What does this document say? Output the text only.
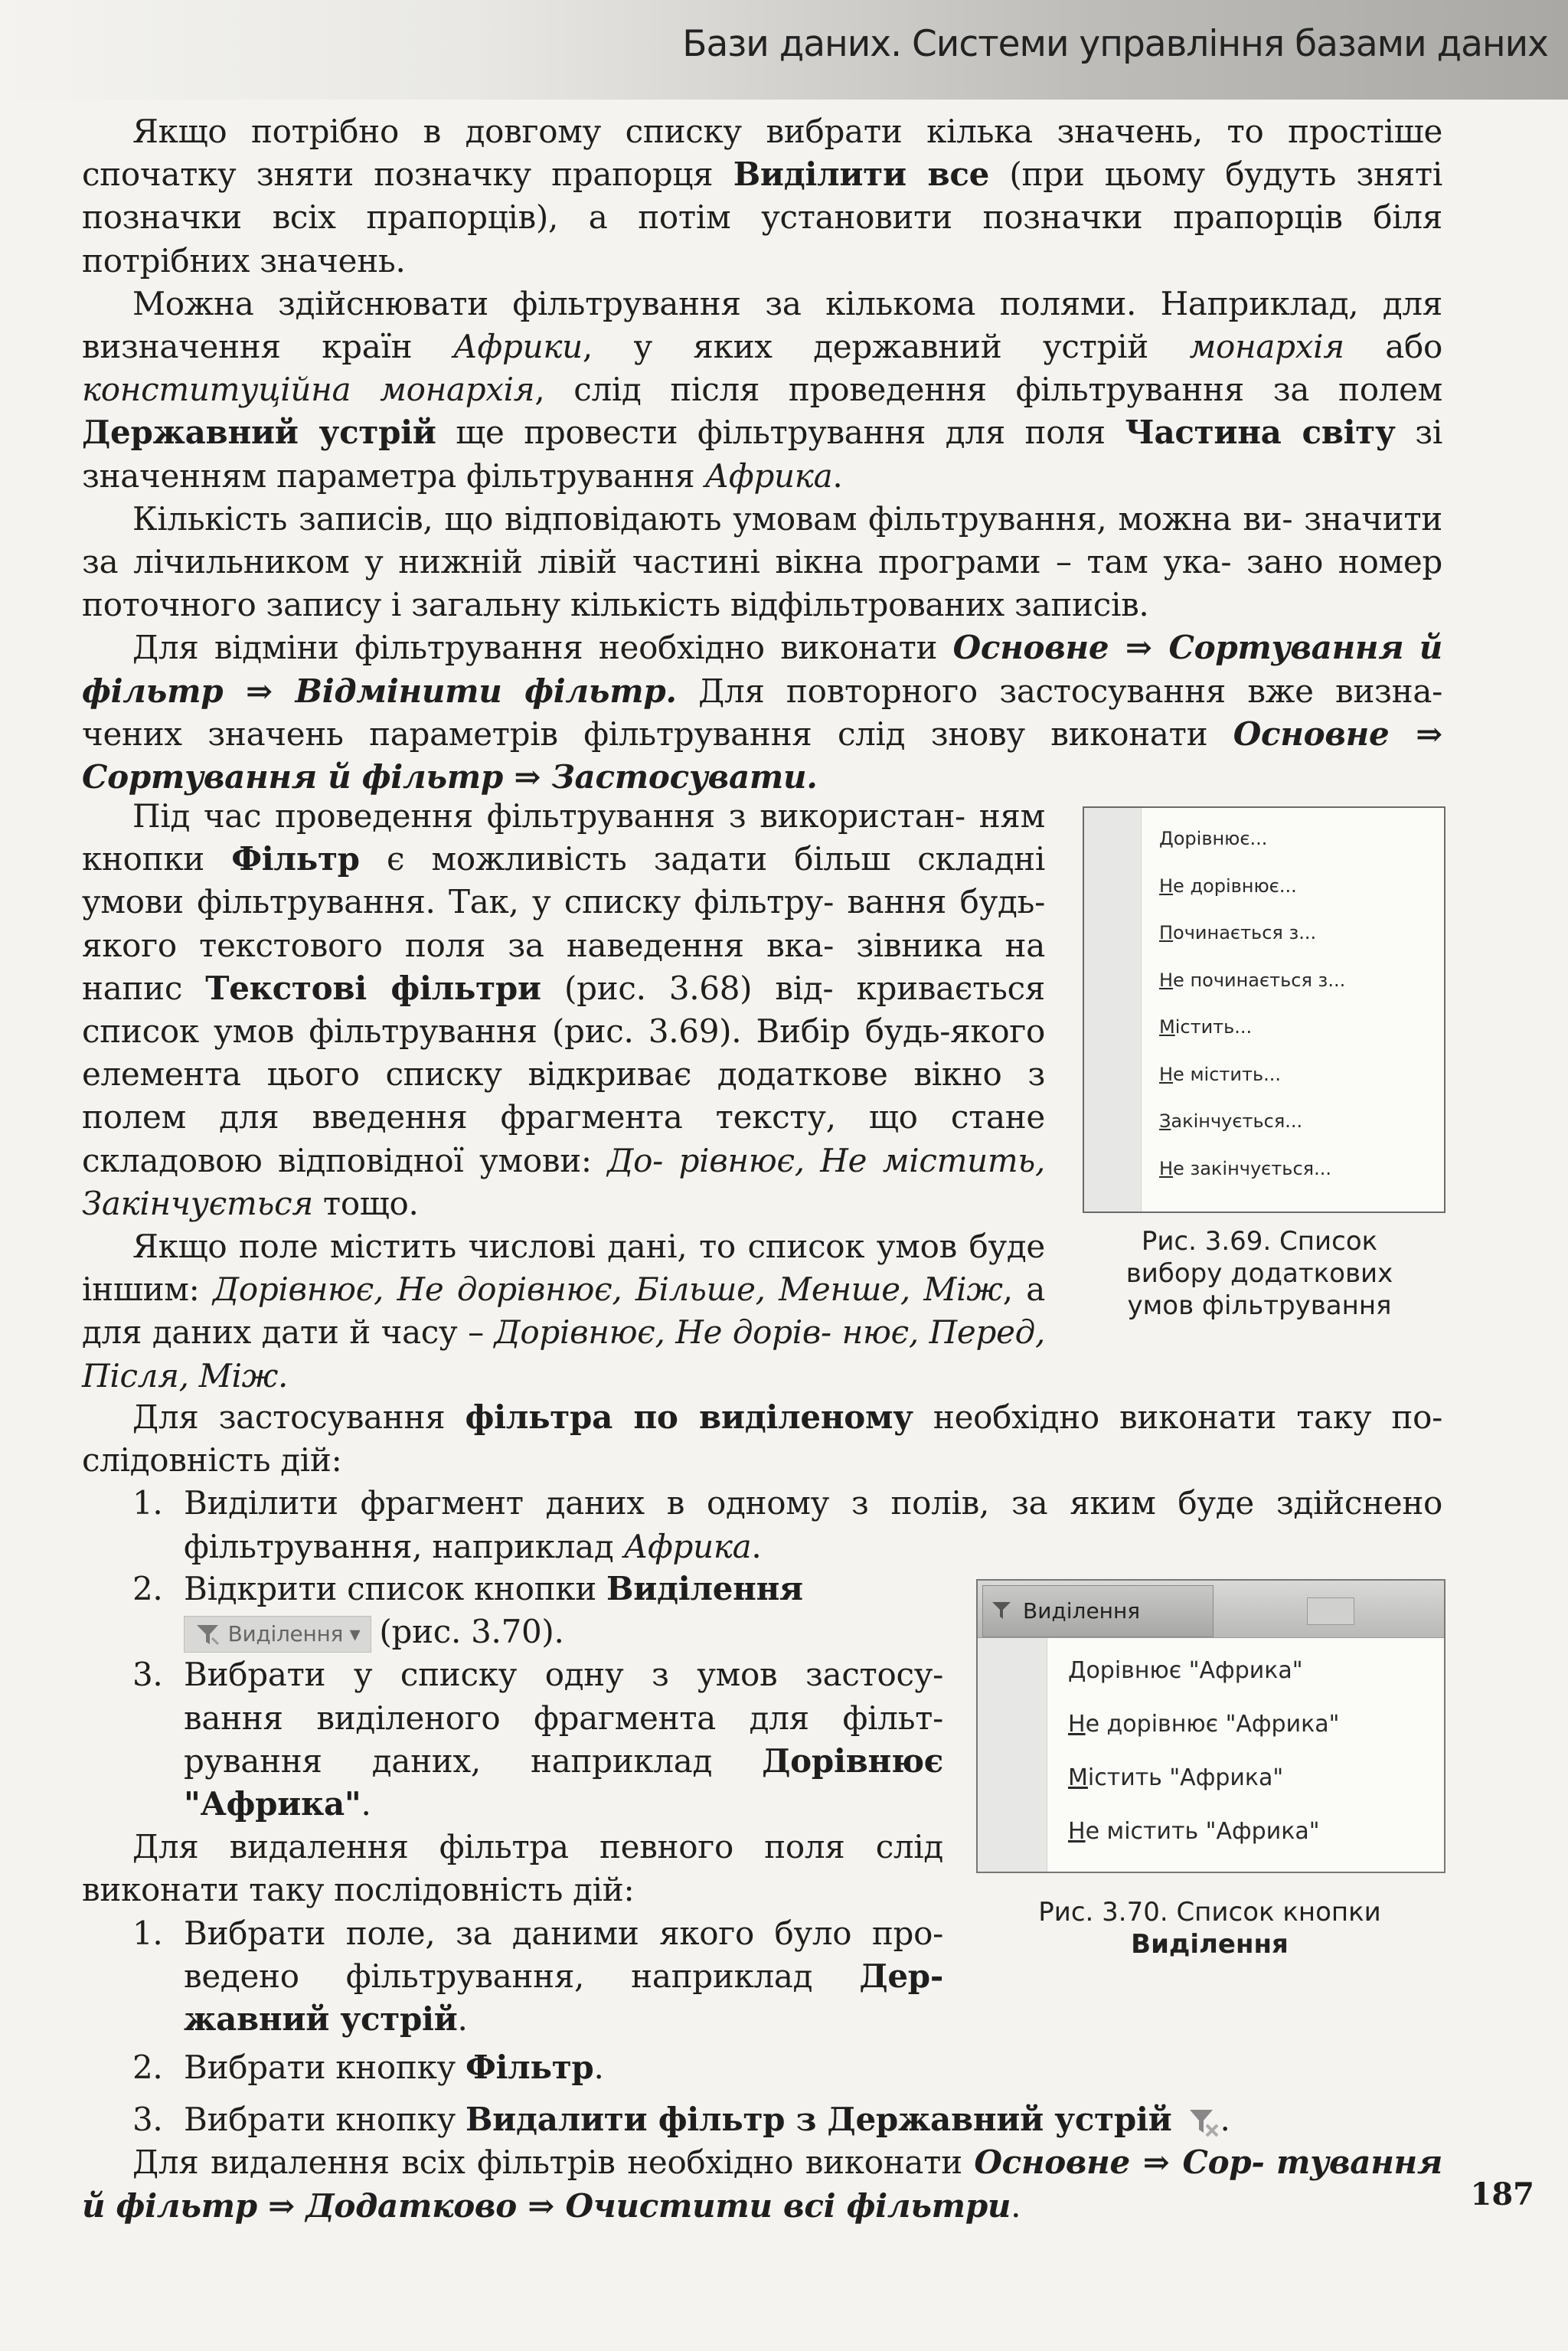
Бази даних. Системи управління базами даних

Якщо потрібно в довгому списку вибрати кілька значень, то простіше спочатку зняти позначку прапорця Виділити все (при цьому будуть зняті позначки всіх прапорців), а потім установити позначки прапорців біля потрібних значень.

Можна здійснювати фільтрування за кількома полями. Наприклад, для визначення країн Африки, у яких державний устрій монархія або конституційна монархія, слід після проведення фільтрування за полем Державний устрій ще провести фільтрування для поля Частина світу зі значенням параметра фільтрування Африка.

Кількість записів, що відповідають умовам фільтрування, можна ви- значити за лічильником у нижній лівій частині вікна програми – там ука- зано номер поточного запису і загальну кількість відфільтрованих записів.

Для відміни фільтрування необхідно виконати Основне ⇒ Сортування й фільтр ⇒ Відмінити фільтр. Для повторного застосування вже визна- чених значень параметрів фільтрування слід знову виконати Основне ⇒ Сортування й фільтр ⇒ Застосувати.

Під час проведення фільтрування з використан- ням кнопки Фільтр є можливість задати більш складні умови фільтрування. Так, у списку фільтру- вання будь-якого текстового поля за наведення вка- зівника на напис Текстові фільтри (рис. 3.68) від- кривається список умов фільтрування (рис. 3.69). Вибір будь-якого елемента цього списку відкриває додаткове вікно з полем для введення фрагмента тексту, що стане складовою відповідної умови: До- рівнює, Не містить, Закінчується тощо.

Якщо поле містить числові дані, то список умов буде іншим: Дорівнює, Не дорівнює, Більше, Менше, Між, а для даних дати й часу – Дорівнює, Не дорів- нює, Перед, Після, Між.

Для застосування фільтра по виділеному необхідно виконати таку по- слідовність дій:

1. Виділити фрагмент даних в одному з полів, за яким буде здійснено фільтрування, наприклад Африка.
2. Відкрити список кнопки Виділення
Виділення ▾(рис. 3.70).
3. Вибрати у списку одну з умов застосу- вання виділеного фрагмента для фільт- рування даних, наприклад Дорівнює "Африка".

Для видалення фільтра певного поля слід виконати таку послідовність дій:

1. Вибрати поле, за даними якого було про- ведено фільтрування, наприклад Дер- жавний устрій.
2. Вибрати кнопку Фільтр.
3. Вибрати кнопку Видалити фільтр з Державний устрій .

Для видалення всіх фільтрів необхідно виконати Основне ⇒ Сор- тування й фільтр ⇒ Додатково ⇒ Очистити всі фільтри.

Дорівнює...
Не дорівнює...
Починається з...
Не починається з...
Містить...
Не містить...
Закінчується...
Не закінчується...
Рис. 3.69. Список
вибору додаткових
умов фільтрування
Виділення
Дорівнює "Африка"
Не дорівнює "Африка"
Містить "Африка"
Не містить "Африка"
Рис. 3.70. Список кнопки
Виділення
187
